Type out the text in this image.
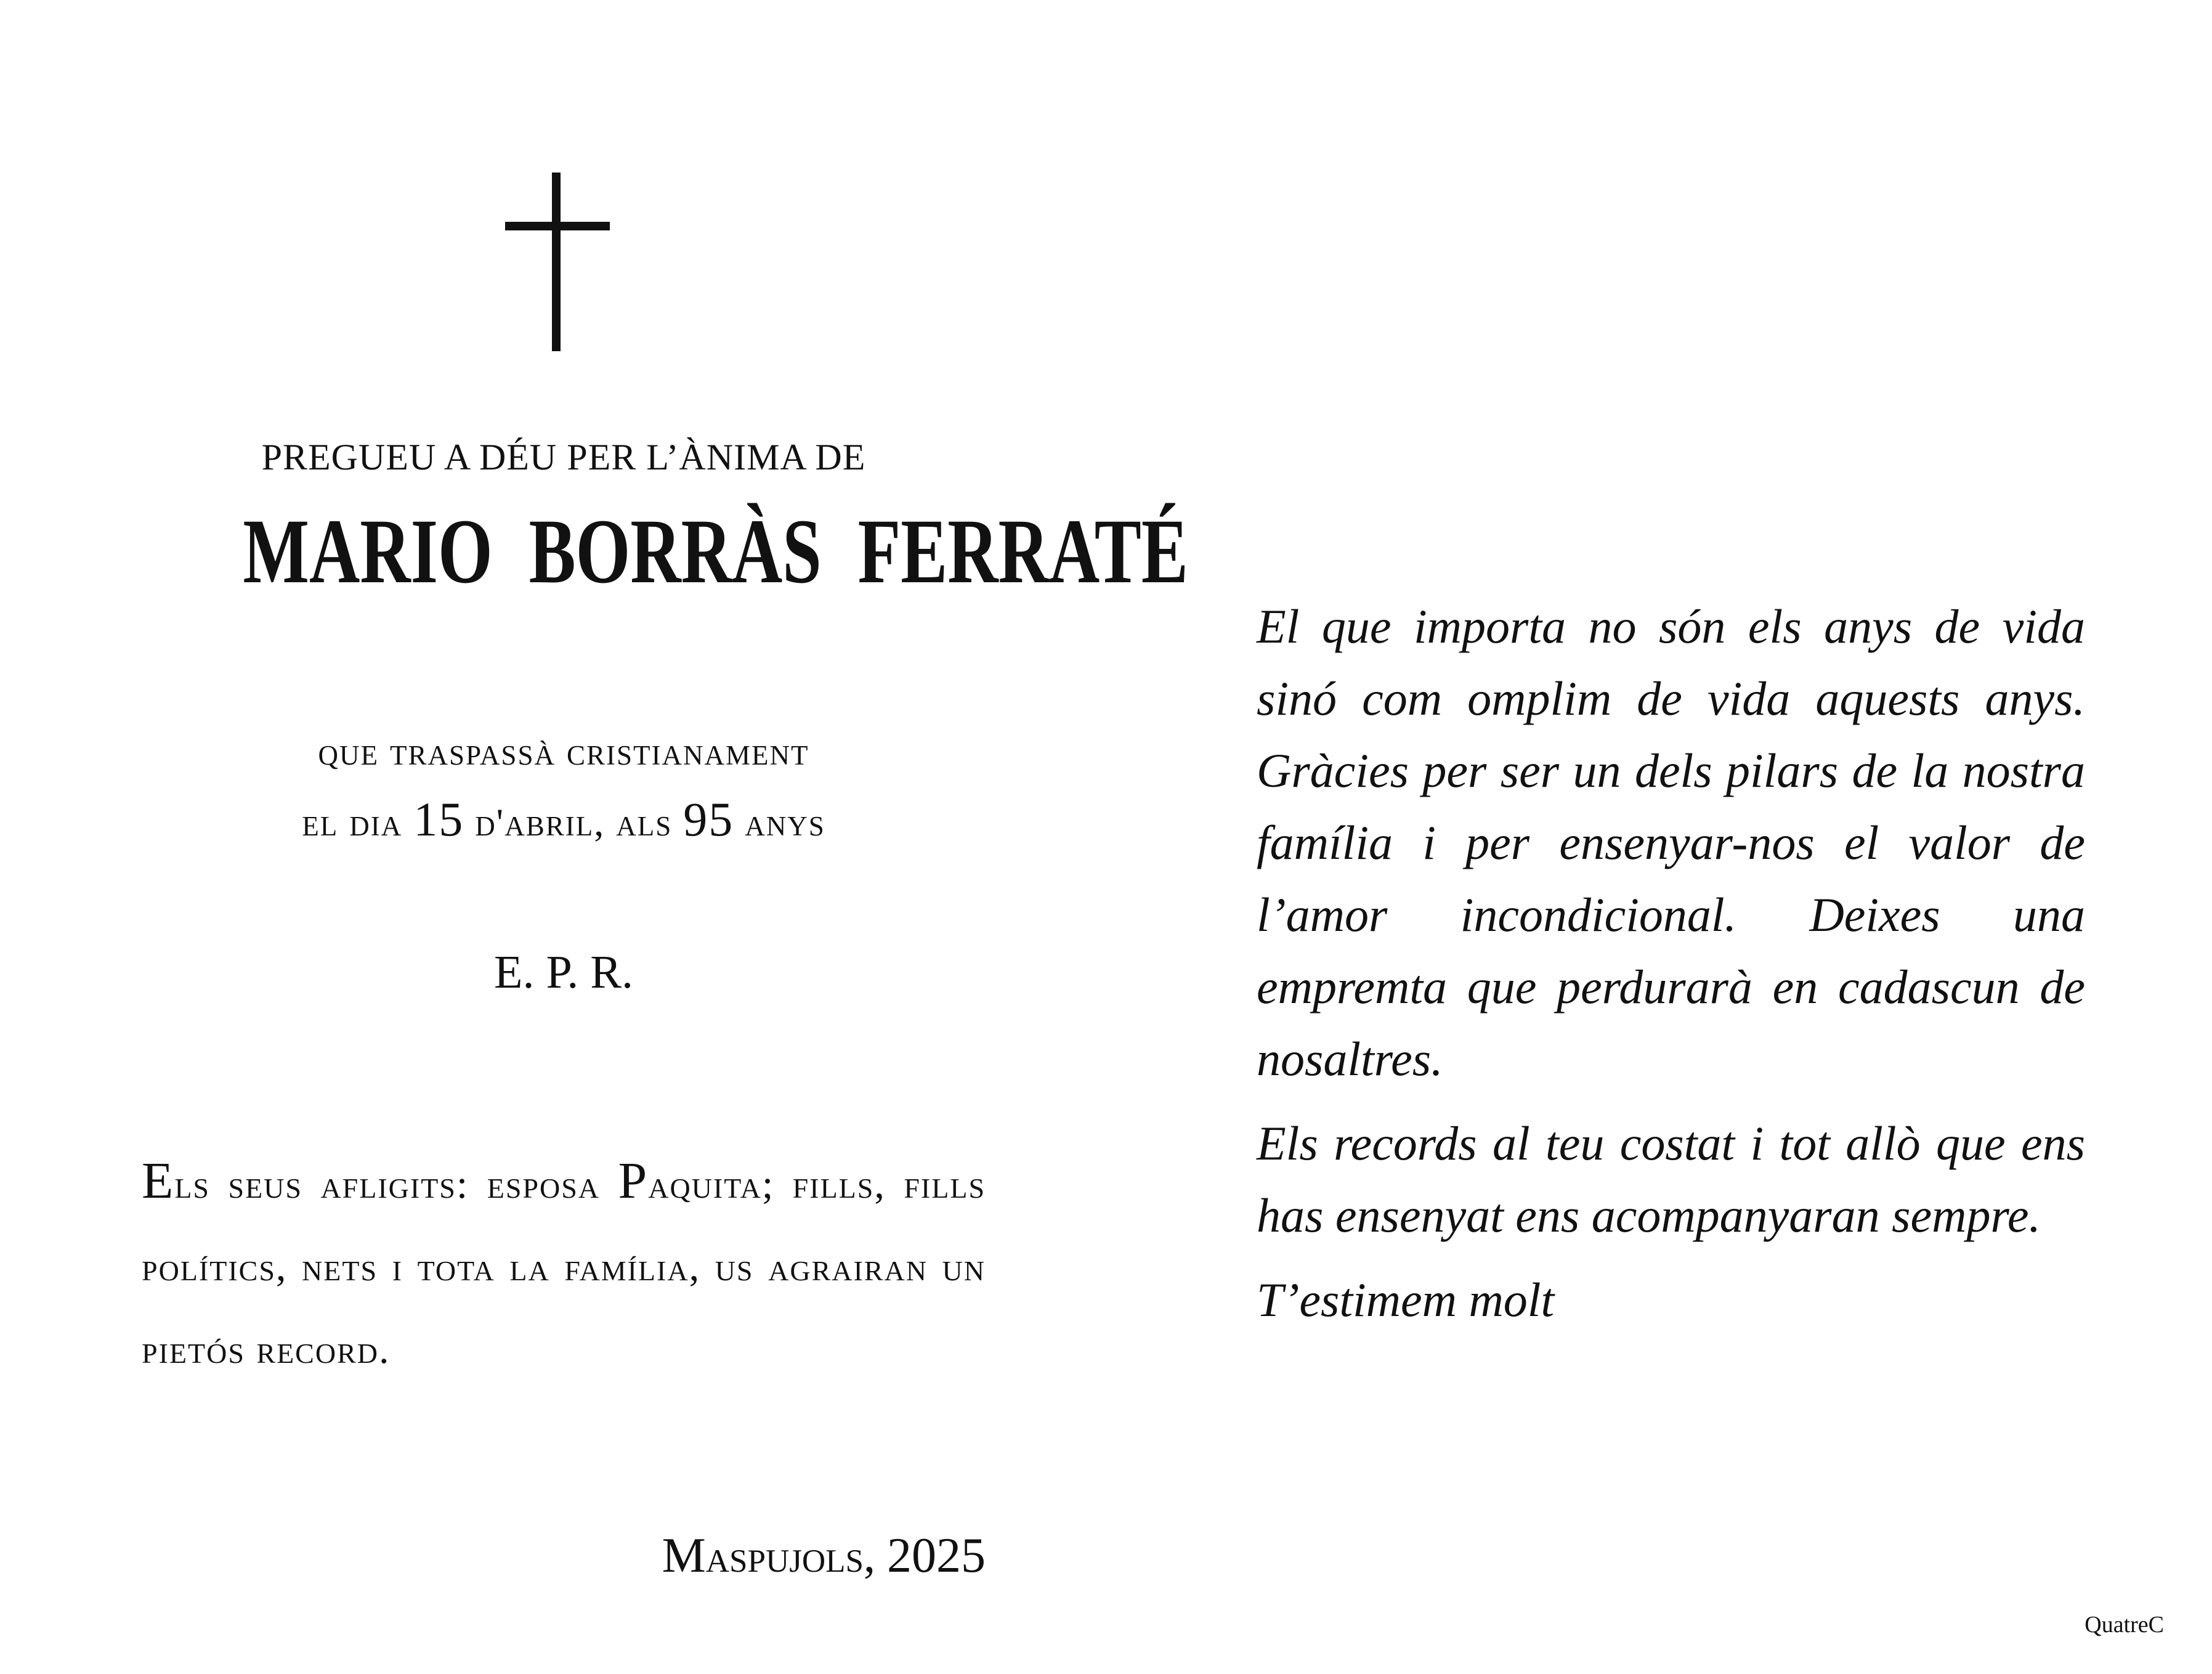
PREGUEU A DÉU PER L’ÀNIMA DE
MARIO BORRÀS FERRATÉ
que traspassà cristianament
el dia 15 d'abril, als 95 anys
E. P. R.
Els seus afligits: esposa Paquita; fills, fills polítics, nets i tota la família, us agrairan un pietós record.
Maspujols, 2025

El que importa no són els anys de vida sinó com omplim de vida aquests anys. Gràcies per ser un dels pilars de la nostra família i per ensenyar-nos el valor de l’amor incondicional. Deixes una empremta que perdurarà en cadascun de nosaltres.

Els records al teu costat i tot allò que ens has ensenyat ens acompanyaran sempre.

T’estimem molt

QuatreC
